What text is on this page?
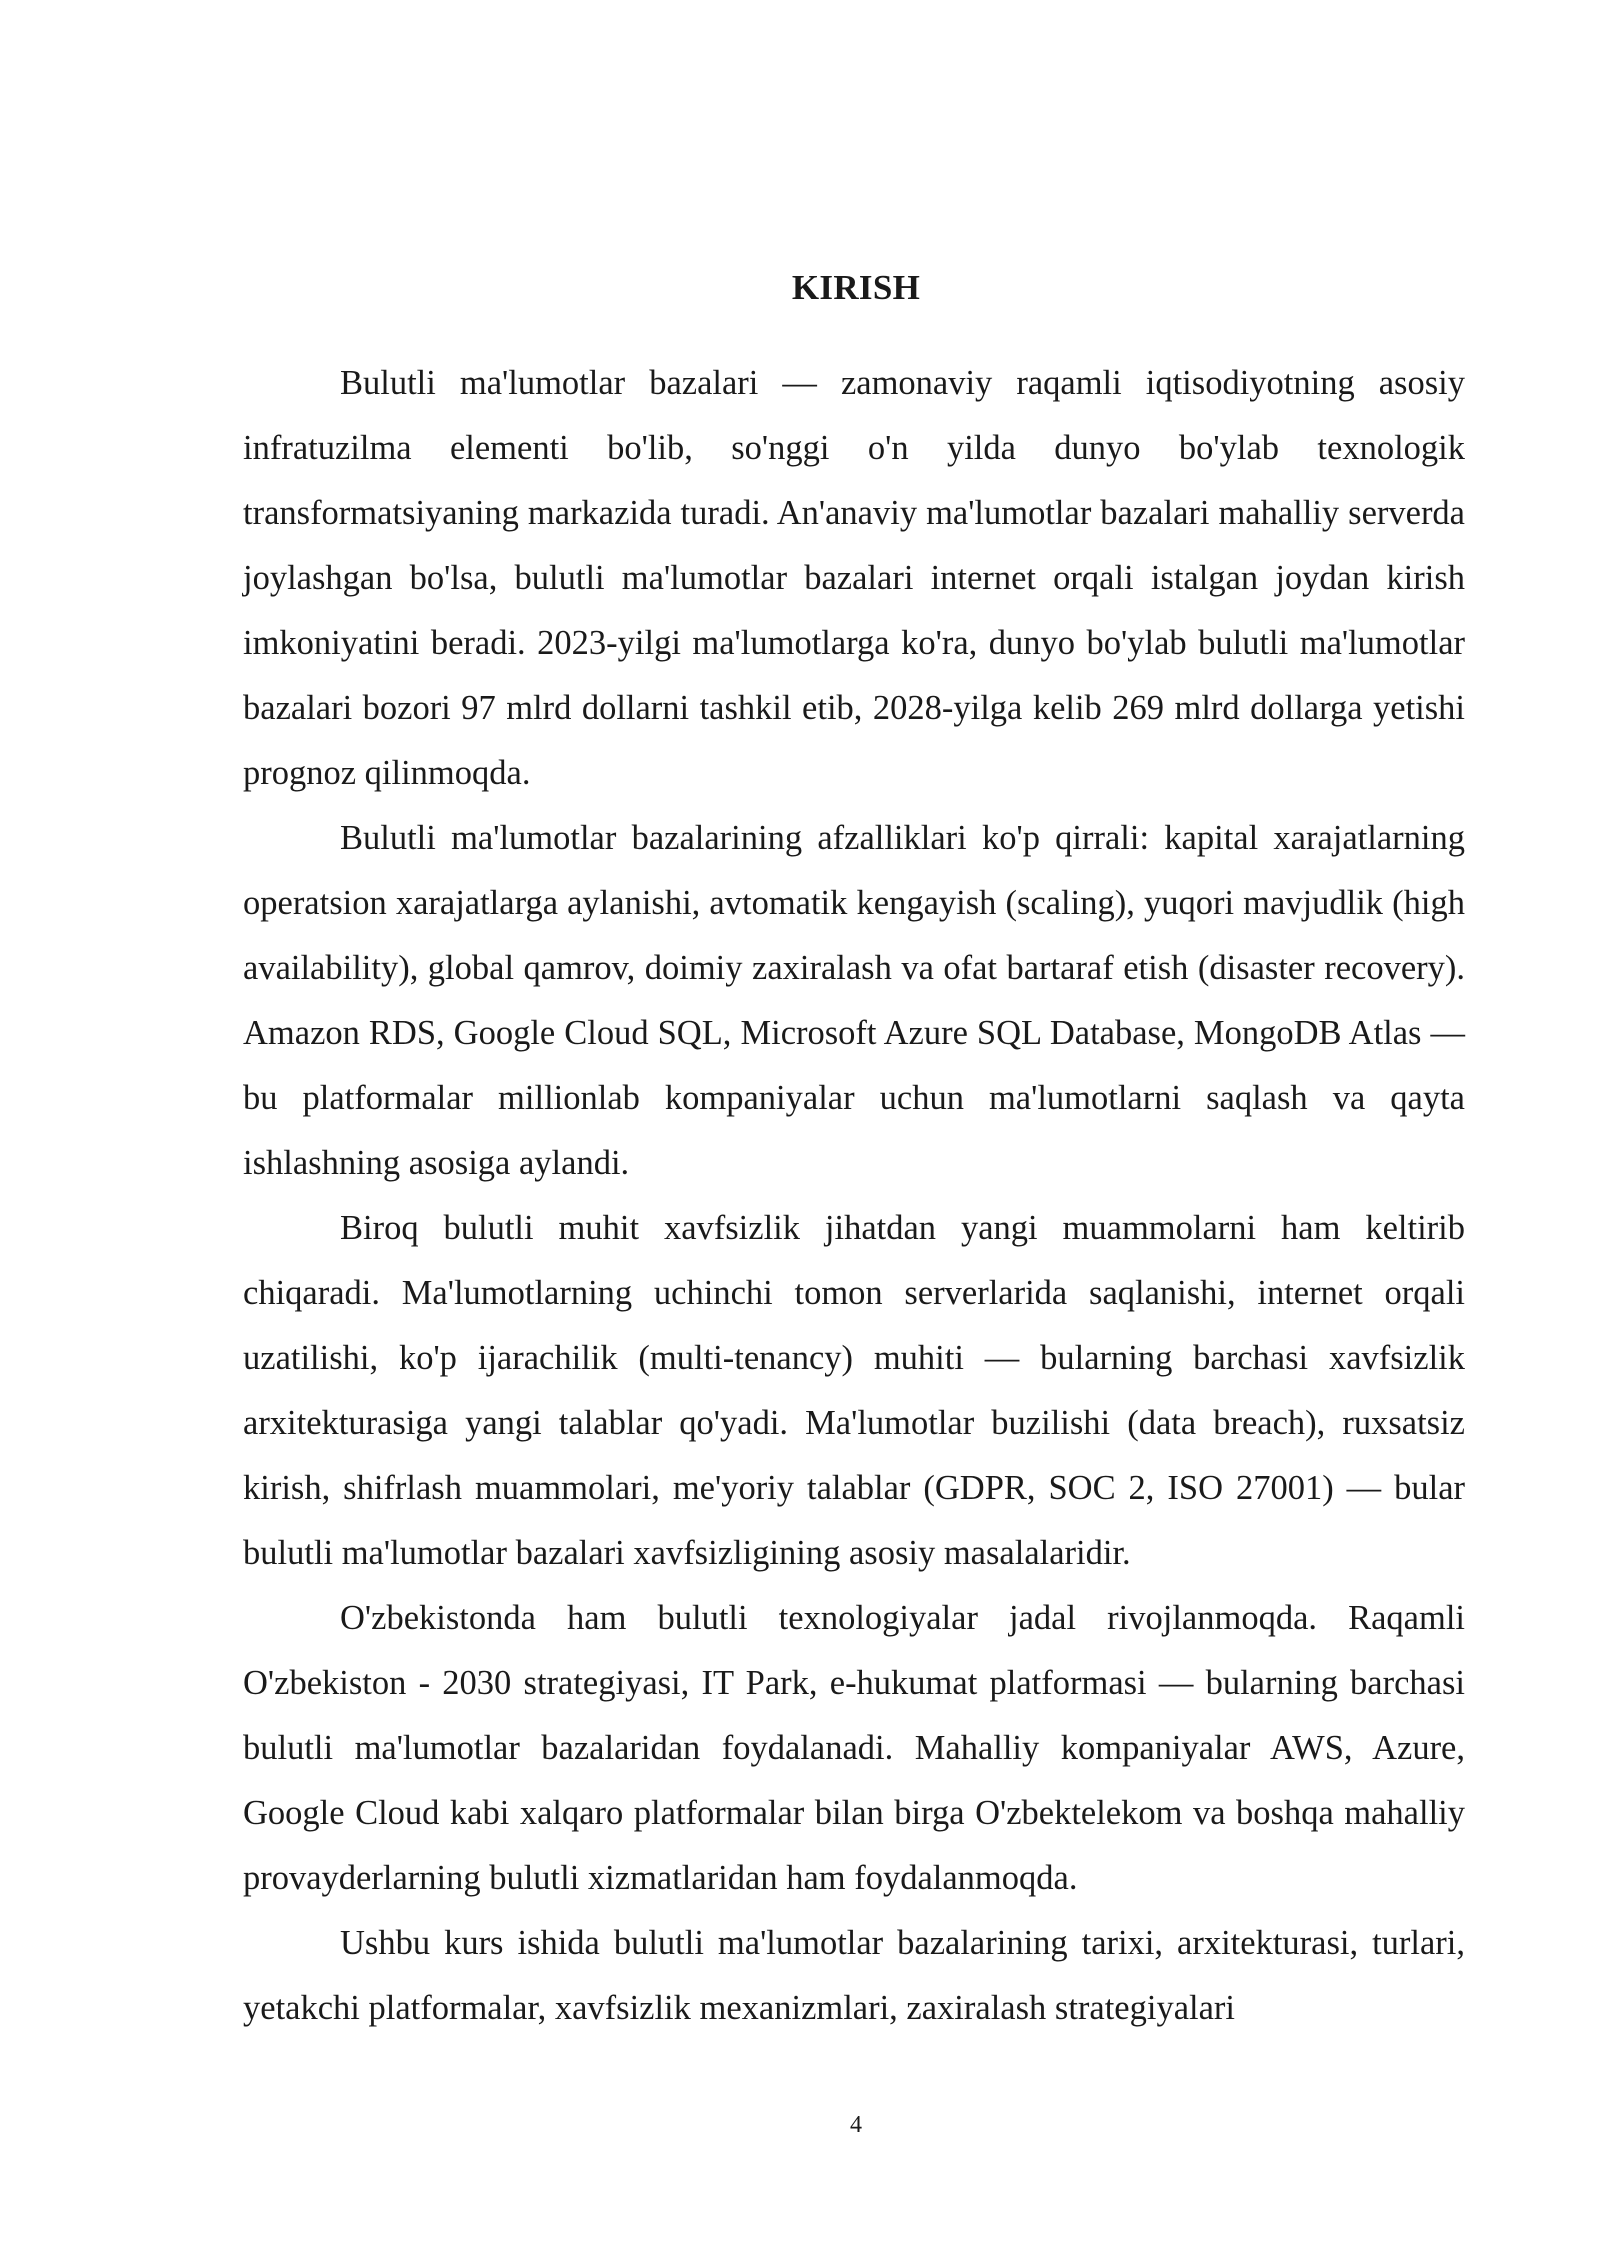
KIRISH

Bulutli ma'lumotlar bazalari — zamonaviy raqamli iqtisodiyotning asosiy infratuzilma elementi bo'lib, so'nggi o'n yilda dunyo bo'ylab texnologik transformatsiyaning markazida turadi. An'anaviy ma'lumotlar bazalari mahalliy serverda joylashgan bo'lsa, bulutli ma'lumotlar bazalari internet orqali istalgan joydan kirish imkoniyatini beradi. 2023-yilgi ma'lumotlarga ko'ra, dunyo bo'ylab bulutli ma'lumotlar bazalari bozori 97 mlrd dollarni tashkil etib, 2028-yilga kelib 269 mlrd dollarga yetishi prognoz qilinmoqda.

Bulutli ma'lumotlar bazalarining afzalliklari ko'p qirrali: kapital xarajatlarning operatsion xarajatlarga aylanishi, avtomatik kengayish (scaling), yuqori mavjudlik (high availability), global qamrov, doimiy zaxiralash va ofat bartaraf etish (disaster recovery). Amazon RDS, Google Cloud SQL, Microsoft Azure SQL Database, MongoDB Atlas — bu platformalar millionlab kompaniyalar uchun ma'lumotlarni saqlash va qayta ishlashning asosiga aylandi.

Biroq bulutli muhit xavfsizlik jihatdan yangi muammolarni ham keltirib chiqaradi. Ma'lumotlarning uchinchi tomon serverlarida saqlanishi, internet orqali uzatilishi, ko'p ijarachilik (multi-tenancy) muhiti — bularning barchasi xavfsizlik arxitekturasiga yangi talablar qo'yadi. Ma'lumotlar buzilishi (data breach), ruxsatsiz kirish, shifrlash muammolari, me'yoriy talablar (GDPR, SOC 2, ISO 27001) — bular bulutli ma'lumotlar bazalari xavfsizligining asosiy masalalaridir.

O'zbekistonda ham bulutli texnologiyalar jadal rivojlanmoqda. Raqamli O'zbekiston - 2030 strategiyasi, IT Park, e-hukumat platformasi — bularning barchasi bulutli ma'lumotlar bazalaridan foydalanadi. Mahalliy kompaniyalar AWS, Azure, Google Cloud kabi xalqaro platformalar bilan birga O'zbektelekom va boshqa mahalliy provayderlarning bulutli xizmatlaridan ham foydalanmoqda.

Ushbu kurs ishida bulutli ma'lumotlar bazalarining tarixi, arxitekturasi, turlari, yetakchi platformalar, xavfsizlik mexanizmlari, zaxiralash strategiyalari

4
